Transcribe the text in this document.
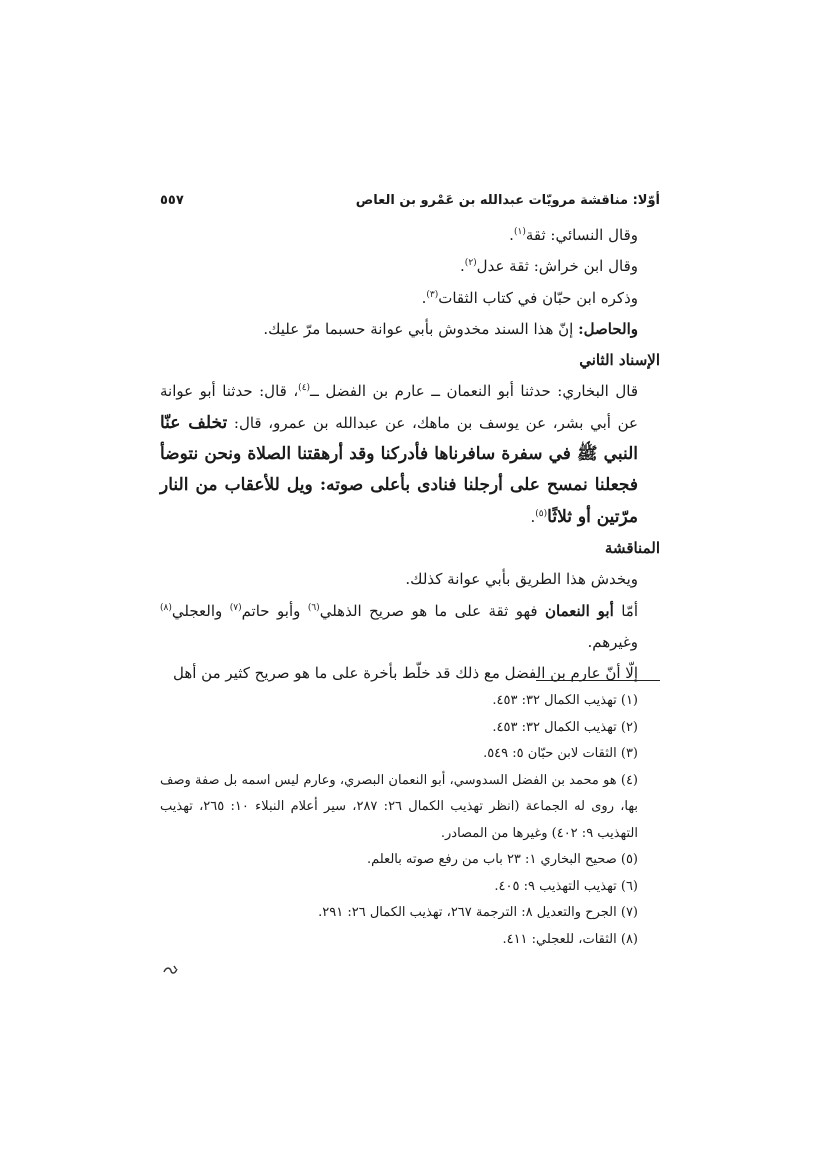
٥٥٧	أوّلا: مناقشة مرويّات عبدالله بن عَمْرو بن العاص

وقال النسائي: ثقة$^{(١)}$.

وقال ابن خراش: ثقة عدل$^{(٢)}$.

وذكره ابن حبّان في كتاب الثقات$^{(٣)}$.

والحاصل: إنّ هذا السند مخدوش بأبي عوانة حسبما مرّ عليك.

الإسناد الثاني

قال البخاري: حدثنا أبو النعمان ــ عارم بن الفضل ــ$^{(٤)}$، قال: حدثنا أبو عوانة عن أبي بشر، عن يوسف بن ماهك، عن عبدالله بن عمرو، قال: تخلف عنّا النبي ﷺ في سفرة سافرناها فأدركنا وقد أرهقتنا الصلاة ونحن نتوضأ فجعلنا نمسح على أرجلنا فنادى بأعلى صوته: ويل للأعقاب من النار مرّتين أو ثلاثًا$^{(٥)}$.

المناقشة

ويخدش هذا الطريق بأبي عوانة كذلك.

أمّا أبو النعمان فهو ثقة على ما هو صريح الذهلي$^{(٦)}$ وأبو حاتم$^{(٧)}$ والعجلي$^{(٨)}$ وغيرهم.

إلّا أنّ عارم بن الفضل مع ذلك قد خلّط بأخرة على ما هو صريح كثير من أهل

(١) تهذيب الكمال ٣٢: ٤٥٣.

(٢) تهذيب الكمال ٣٢: ٤٥٣.

(٣) الثقات لابن حبّان ٥: ٥٤٩.

(٤) هو محمد بن الفضل السدوسي، أبو النعمان البصري، وعارم ليس اسمه بل صفة وصف بها، روى له الجماعة (انظر تهذيب الكمال ٢٦: ٢٨٧، سير أعلام النبلاء ١٠: ٢٦٥، تهذيب التهذيب ٩: ٤٠٢) وغيرها من المصادر.

(٥) صحيح البخاري ١: ٢٣ باب من رفع صوته بالعلم.

(٦) تهذيب التهذيب ٩: ٤٠٥.

(٧) الجرح والتعديل ٨: الترجمة ٢٦٧، تهذيب الكمال ٢٦: ٢٩١.

(٨) الثقات، للعجلي: ٤١١.
